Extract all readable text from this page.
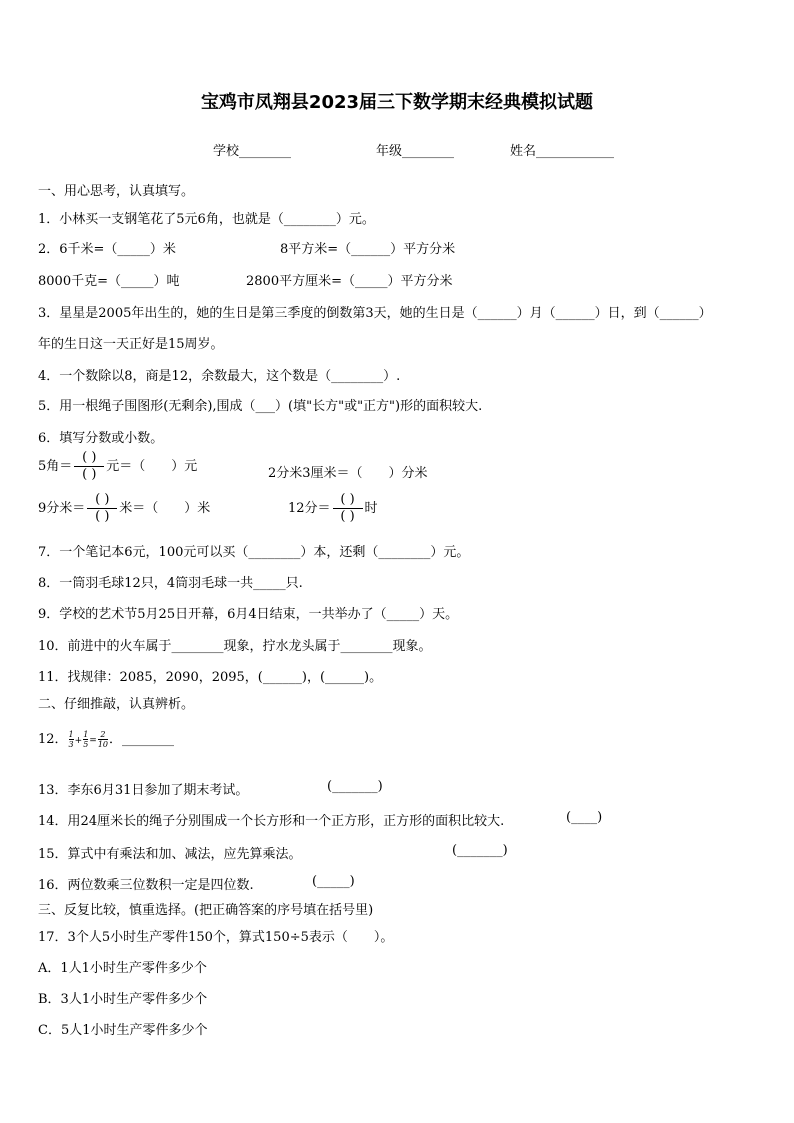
宝鸡市凤翔县2023届三下数学期末经典模拟试题
学校________	年级________	姓名____________
一、用心思考，认真填写。
1．小林买一支钢笔花了5元6角，也就是（________）元。
2．6千米=（_____）米	8平方米=（______）平方分米
8000千克=（_____）吨	2800平方厘米=（_____）平方分米
3．星星是2005年出生的，她的生日是第三季度的倒数第3天，她的生日是（______）月（______）日，到（______）
年的生日这一天正好是15周岁。
4．一个数除以8，商是12，余数最大，这个数是（________）.
5．用一根绳子围图形(无剩余),围成（___）(填"长方"或"正方")形的面积较大.
6．填写分数或小数。
5角＝ $\frac{( )}{( )}$ 元＝（　　）元	2分米3厘米＝（　　）分米
9分米＝ $\frac{( )}{( )}$ 米＝（　　）米	12分＝ $\frac{( )}{( )}$ 时
7．一个笔记本6元，100元可以买（________）本，还剩（________）元。
8．一筒羽毛球12只，4筒羽毛球一共_____只.
9．学校的艺术节5月25日开幕，6月4日结束，一共举办了（_____）天。
10．前进中的火车属于________现象，拧水龙头属于________现象。
11．找规律：2085，2090，2095，(______)，(______)。
二、仔细推敲，认真辨析。
12． $\frac{1}{3} + \frac{1}{5} = \frac{2}{10}$ ．________
13．李东6月31日参加了期末考试。	(_______)
14．用24厘米长的绳子分别围成一个长方形和一个正方形，正方形的面积比较大.	(____)
15．算式中有乘法和加、减法，应先算乘法。	(_______)
16．两位数乘三位数积一定是四位数.	(_____)
三、反复比较，慎重选择。(把正确答案的序号填在括号里)
17．3个人5小时生产零件150个，算式150÷5表示（　　）。
A．1人1小时生产零件多少个
B．3人1小时生产零件多少个
C．5人1小时生产零件多少个
